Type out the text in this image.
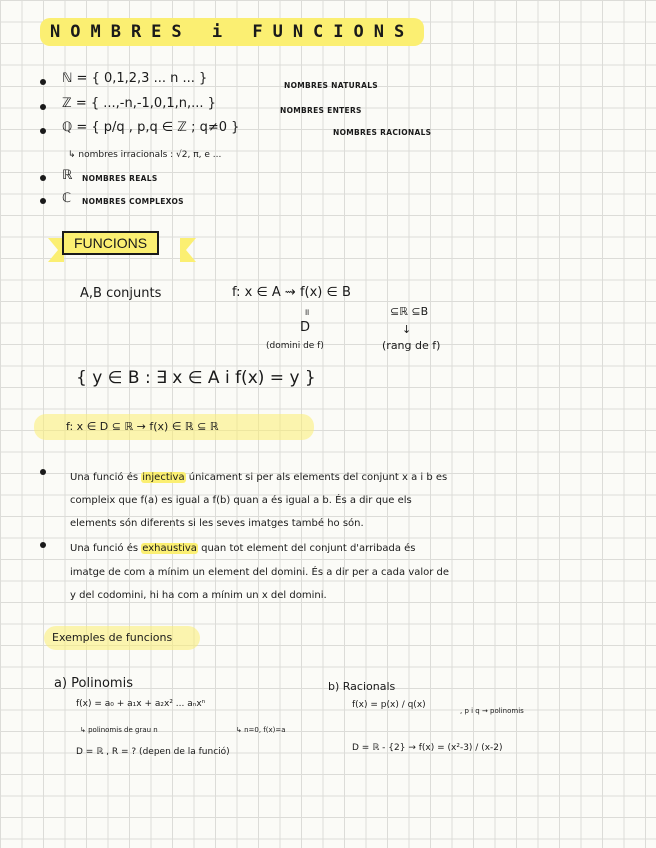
NOMBRES i FUNCIONS
ℕ = { 0,1,2,3 ... n ... }	NOMBRES NATURALS
ℤ = { ...,-n,-1,0,1,n,... }	NOMBRES ENTERS
ℚ = { p/q , p,q ∈ ℤ ; q≠0 }	NOMBRES RACIONALS
↳ nombres irracionals : √2, π, e ...
ℝ NOMBRES REALS
ℂ NOMBRES COMPLEXOS
FUNCIONS
A,B conjunts	f: x ∈ A ⇝ f(x) ∈ B
॥	⊆ℝ ⊆B
D	↓
(domini de f)	(rang de f)
{ y ∈ B : ∃ x ∈ A i f(x) = y }
f: x ∈ D ⊆ ℝ → f(x) ∈ ℝ ⊆ ℝ
Una funció és injectiva únicament si per als elements del conjunt x a i b es
compleix que f(a) es igual a f(b) quan a és igual a b. És a dir que els
elements són diferents si les seves imatges també ho són.
Una funció és exhaustiva quan tot element del conjunt d'arribada és
imatge de com a mínim un element del domini. És a dir per a cada valor de
y del codomini, hi ha com a mínim un x del domini.
Exemples de funcions
a) Polinomis
f(x) = a₀ + a₁x + a₂x² ... aₙxⁿ
↳ polinomis de grau n	↳ n=0, f(x)=a
D = ℝ , R = ? (depen de la funció)
b) Racionals
f(x) = p(x) / q(x)
, p i q → polinomis
D = ℝ - {2} → f(x) = (x²-3) / (x-2)
